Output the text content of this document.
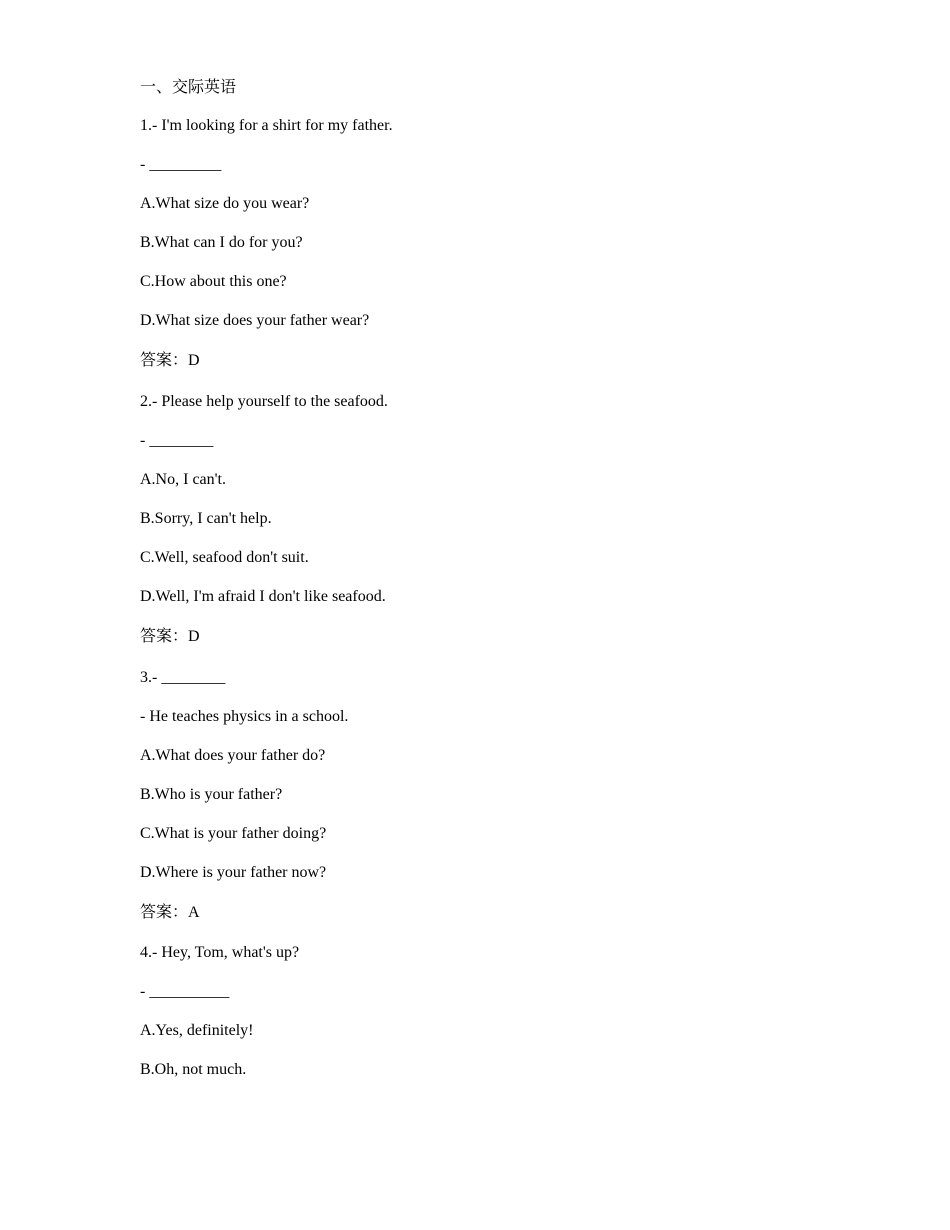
一、交际英语

1.- I'm looking for a shirt for my father.

- _________

A.What size do you wear?

B.What can I do for you?

C.How about this one?

D.What size does your father wear?

答案：D

2.- Please help yourself to the seafood.

- ________

A.No, I can't.

B.Sorry, I can't help.

C.Well, seafood don't suit.

D.Well, I'm afraid I don't like seafood.

答案：D

3.- ________

- He teaches physics in a school.

A.What does your father do?

B.Who is your father?

C.What is your father doing?

D.Where is your father now?

答案：A

4.- Hey, Tom, what's up?

- __________

A.Yes, definitely!

B.Oh, not much.
